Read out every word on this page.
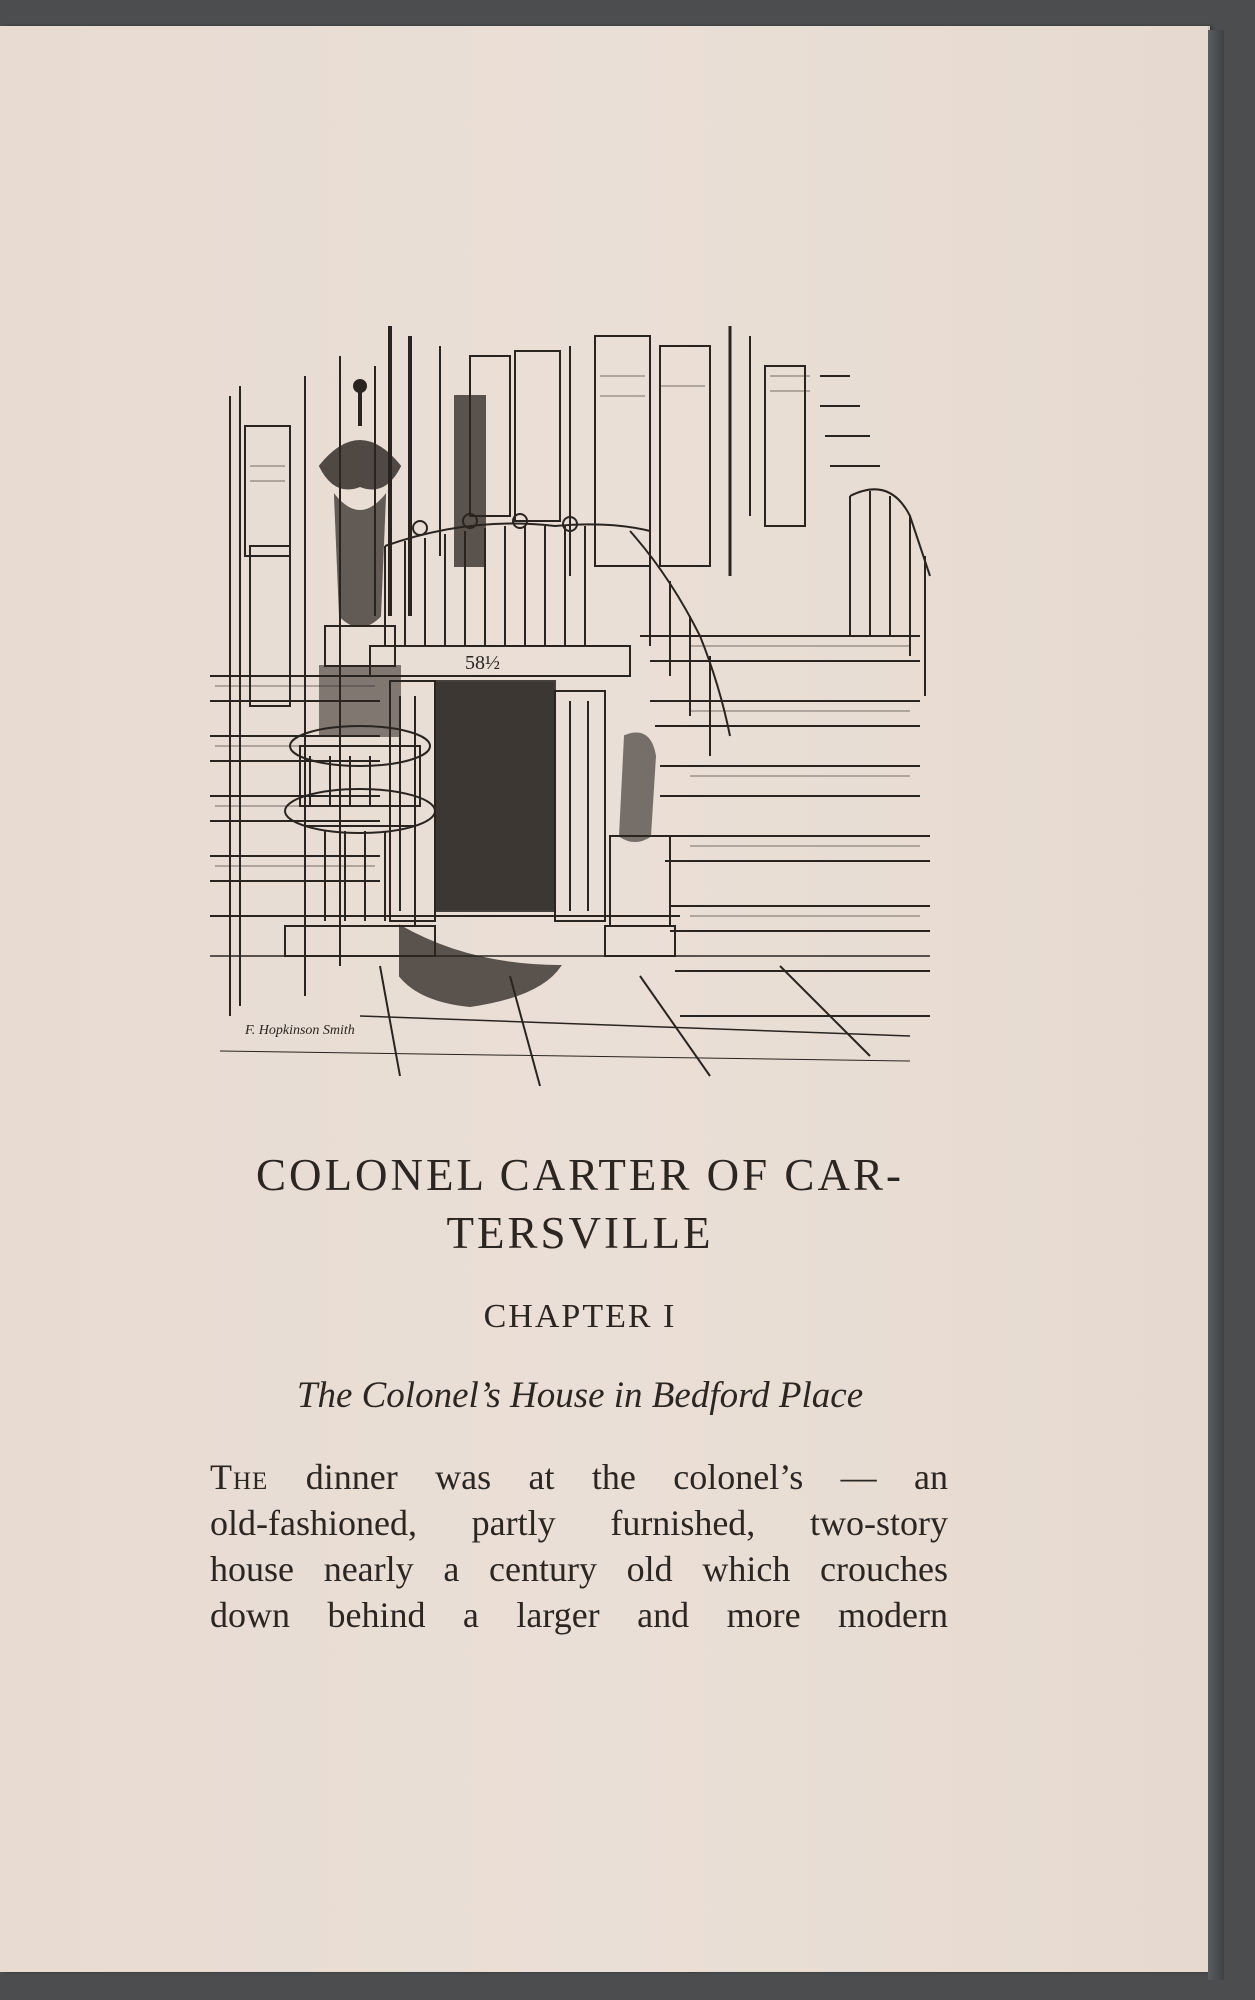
58½
F. Hopkinson Smith
COLONEL CARTER OF CAR-
TERSVILLE
CHAPTER I
The Colonel’s House in Bedford Place
The dinner was at the colonel’s — an
old-fashioned, partly furnished, two-story
house nearly a century old which crouches
down behind a larger and more modern
